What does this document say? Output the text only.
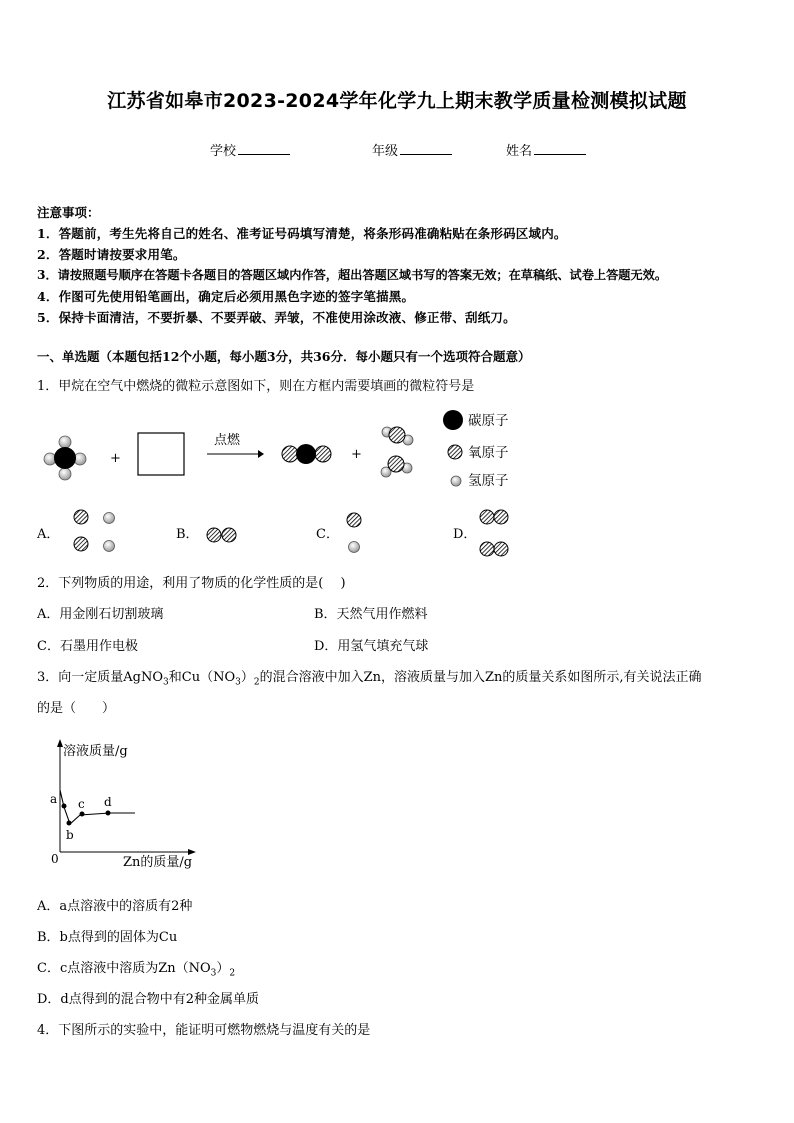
江苏省如皋市2023-2024学年化学九上期末教学质量检测模拟试题
学校	年级	姓名
注意事项：
1．答题前，考生先将自己的姓名、准考证号码填写清楚，将条形码准确粘贴在条形码区域内。
2．答题时请按要求用笔。
3．请按照题号顺序在答题卡各题目的答题区域内作答，超出答题区域书写的答案无效；在草稿纸、试卷上答题无效。
4．作图可先使用铅笔画出，确定后必须用黑色字迹的签字笔描黑。
5．保持卡面清洁，不要折暴、不要弄破、弄皱，不准使用涂改液、修正带、刮纸刀。
一、单选题（本题包括12个小题，每小题3分，共36分．每小题只有一个选项符合题意）
1．甲烷在空气中燃烧的微粒示意图如下，则在方框内需要填画的微粒符号是
+
点燃
+
碳原子
氧原子
氢原子
A．	B．	C．	D．
2．下列物质的用途，利用了物质的化学性质的是(　 )
A．用金刚石切割玻璃	B．天然气用作燃料
C．石墨用作电极	D．用氢气填充气球
3．向一定质量AgNO$_3$和$Cu(NO_3)_2$的混合溶液中加入Zn，溶液质量与加入Zn的质量关系如图所示,有关说法正确
的是（　　）
溶液质量/g
Zn的质量/g
0
a
b
c d
A．a点溶液中的溶质有2种
B．b点得到的固体为Cu
C．c点溶液中溶质为$Zn(NO_3)_2$
D．d点得到的混合物中有2种金属单质
4．下图所示的实验中，能证明可燃物燃烧与温度有关的是
